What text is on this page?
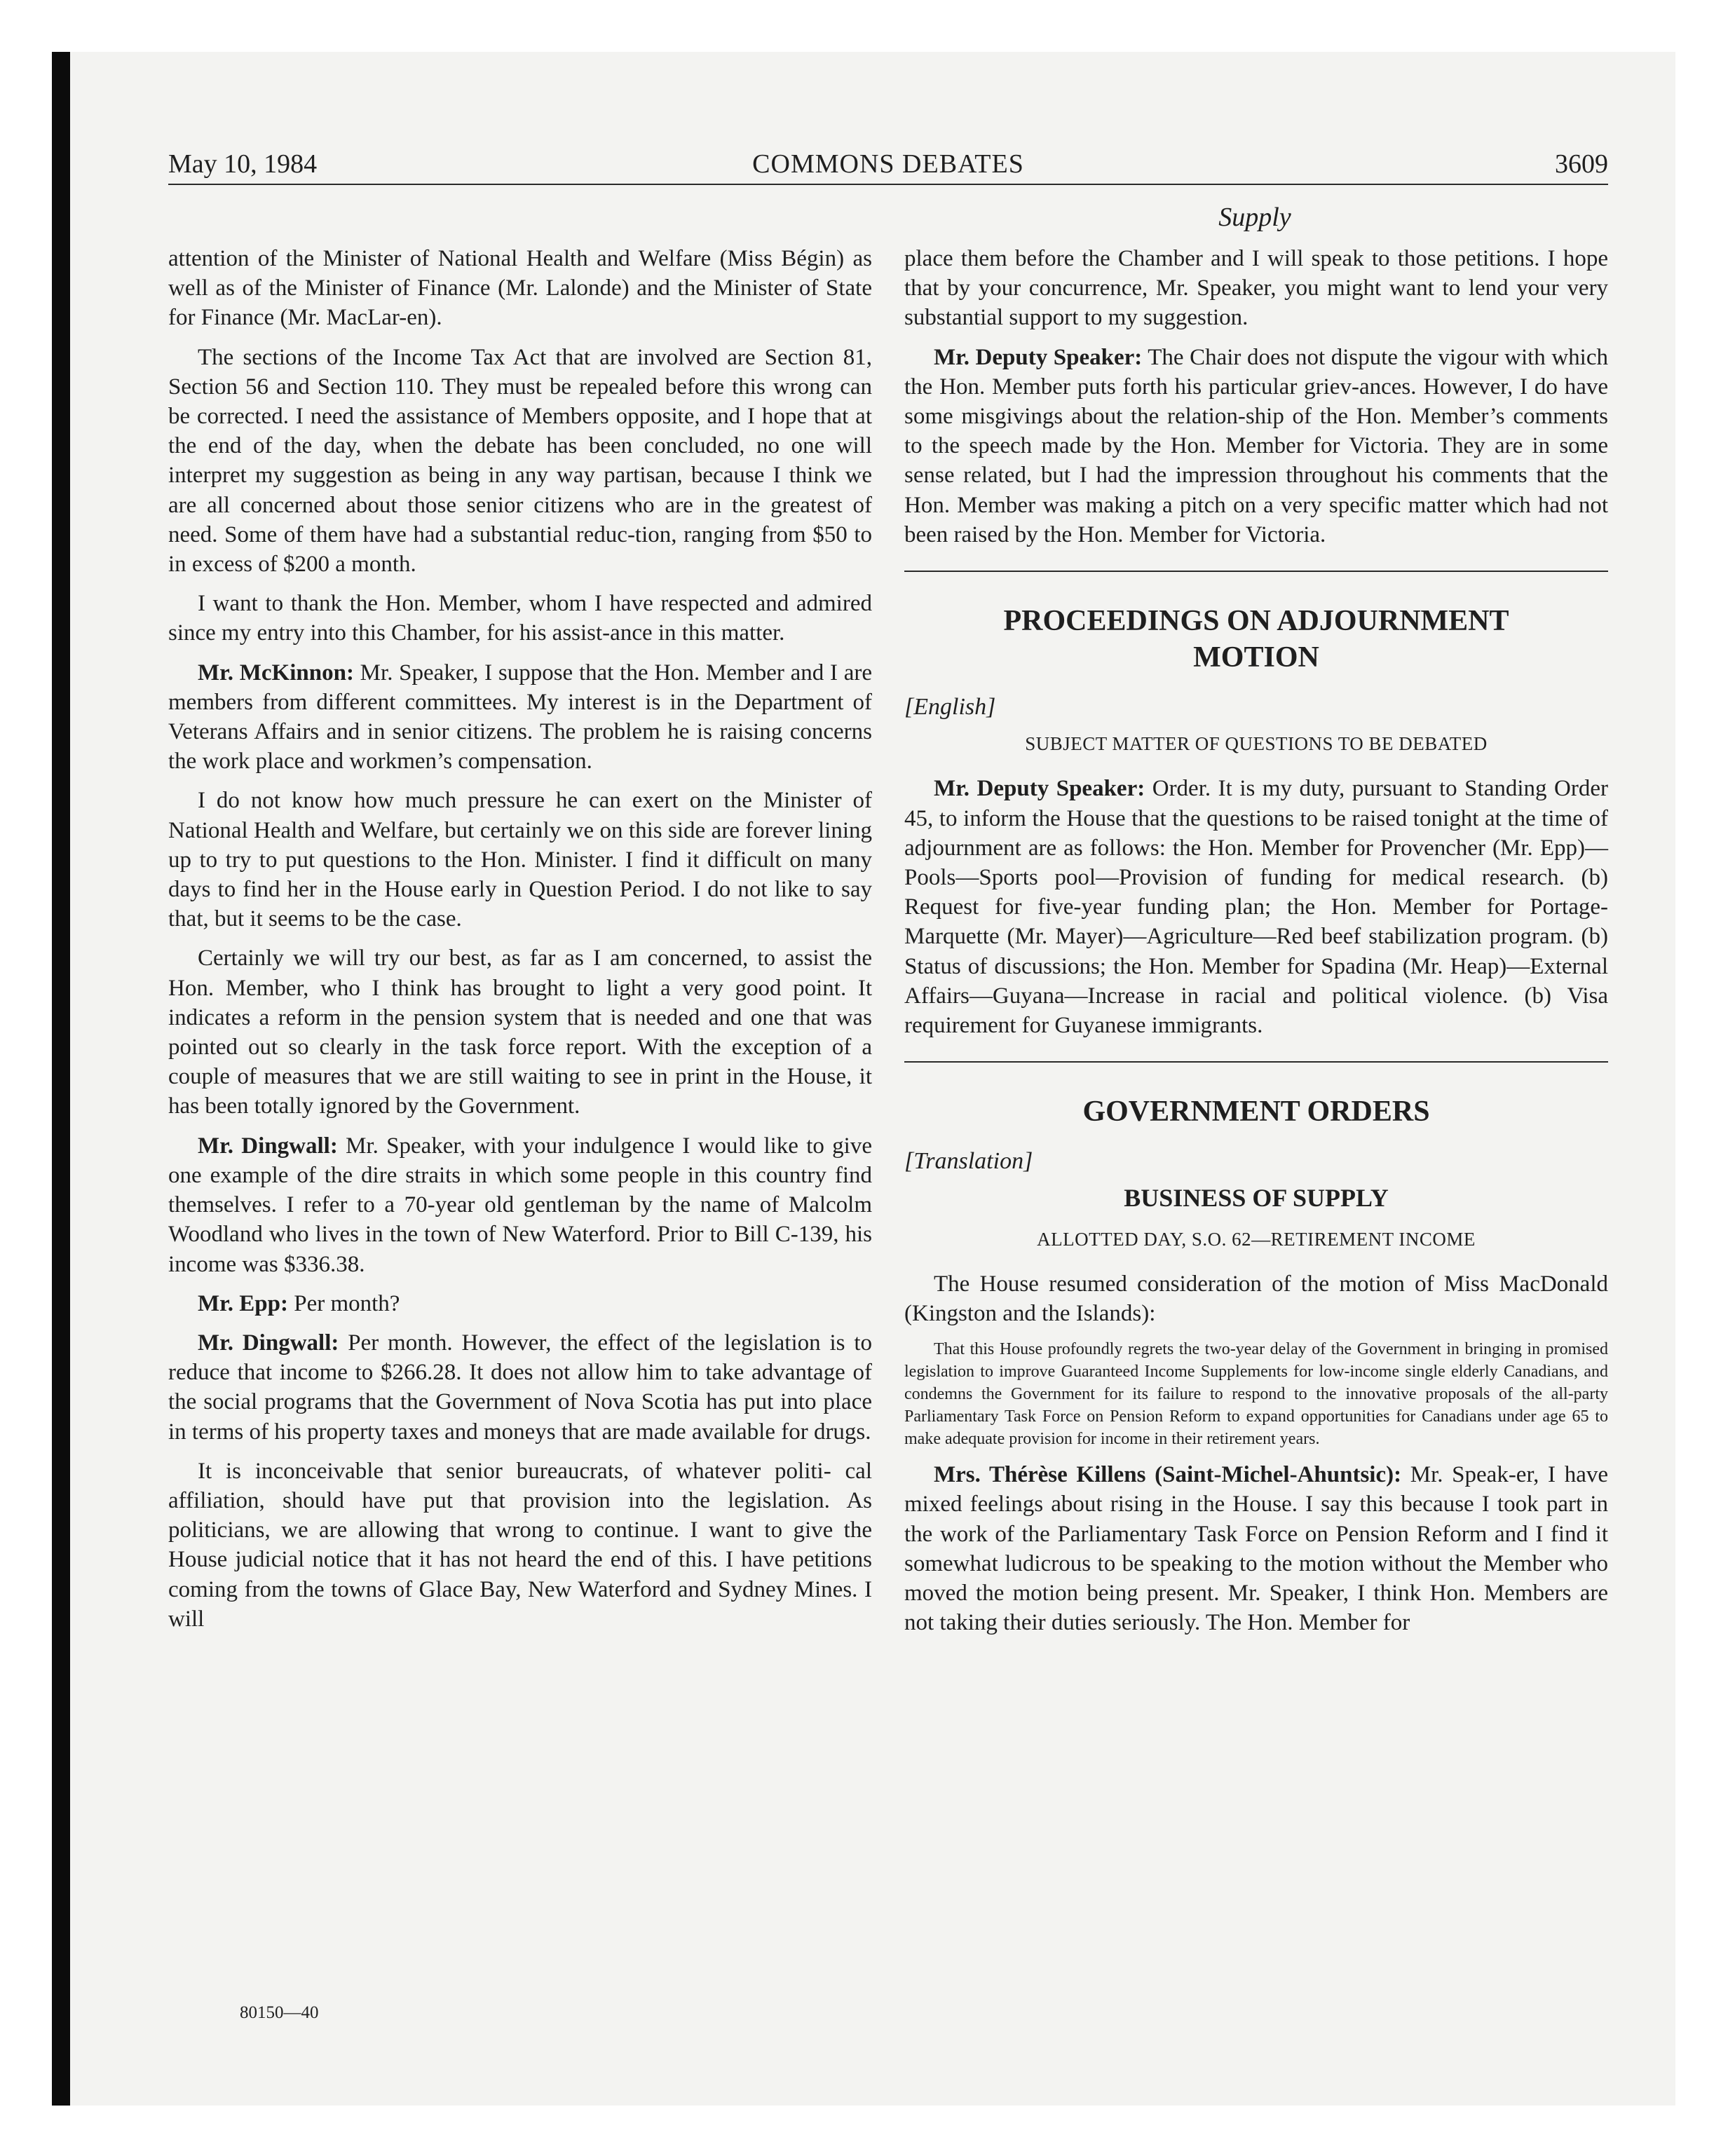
May 10, 1984	COMMONS DEBATES	3609
Supply

attention of the Minister of National Health and Welfare (Miss Bégin) as well as of the Minister of Finance (Mr. Lalonde) and the Minister of State for Finance (Mr. MacLar-en).

The sections of the Income Tax Act that are involved are Section 81, Section 56 and Section 110. They must be repealed before this wrong can be corrected. I need the assistance of Members opposite, and I hope that at the end of the day, when the debate has been concluded, no one will interpret my suggestion as being in any way partisan, because I think we are all concerned about those senior citizens who are in the greatest of need. Some of them have had a substantial reduc-tion, ranging from $50 to in excess of $200 a month.

I want to thank the Hon. Member, whom I have respected and admired since my entry into this Chamber, for his assist-ance in this matter.

Mr. McKinnon: Mr. Speaker, I suppose that the Hon. Member and I are members from different committees. My interest is in the Department of Veterans Affairs and in senior citizens. The problem he is raising concerns the work place and workmen’s compensation.

I do not know how much pressure he can exert on the Minister of National Health and Welfare, but certainly we on this side are forever lining up to try to put questions to the Hon. Minister. I find it difficult on many days to find her in the House early in Question Period. I do not like to say that, but it seems to be the case.

Certainly we will try our best, as far as I am concerned, to assist the Hon. Member, who I think has brought to light a very good point. It indicates a reform in the pension system that is needed and one that was pointed out so clearly in the task force report. With the exception of a couple of measures that we are still waiting to see in print in the House, it has been totally ignored by the Government.

Mr. Dingwall: Mr. Speaker, with your indulgence I would like to give one example of the dire straits in which some people in this country find themselves. I refer to a 70-year old gentleman by the name of Malcolm Woodland who lives in the town of New Waterford. Prior to Bill C-139, his income was $336.38.

Mr. Epp: Per month?

Mr. Dingwall: Per month. However, the effect of the legislation is to reduce that income to $266.28. It does not allow him to take advantage of the social programs that the Government of Nova Scotia has put into place in terms of his property taxes and moneys that are made available for drugs.

It is inconceivable that senior bureaucrats, of whatever politi- cal affiliation, should have put that provision into the legislation. As politicians, we are allowing that wrong to continue. I want to give the House judicial notice that it has not heard the end of this. I have petitions coming from the towns of Glace Bay, New Waterford and Sydney Mines. I will

place them before the Chamber and I will speak to those petitions. I hope that by your concurrence, Mr. Speaker, you might want to lend your very substantial support to my suggestion.

Mr. Deputy Speaker: The Chair does not dispute the vigour with which the Hon. Member puts forth his particular griev-ances. However, I do have some misgivings about the relation-ship of the Hon. Member’s comments to the speech made by the Hon. Member for Victoria. They are in some sense related, but I had the impression throughout his comments that the Hon. Member was making a pitch on a very specific matter which had not been raised by the Hon. Member for Victoria.

PROCEEDINGS ON ADJOURNMENT
MOTION
[English]
SUBJECT MATTER OF QUESTIONS TO BE DEBATED

Mr. Deputy Speaker: Order. It is my duty, pursuant to Standing Order 45, to inform the House that the questions to be raised tonight at the time of adjournment are as follows: the Hon. Member for Provencher (Mr. Epp)—Pools—Sports pool—Provision of funding for medical research. (b) Request for five-year funding plan; the Hon. Member for Portage-Marquette (Mr. Mayer)—Agriculture—Red beef stabilization program. (b) Status of discussions; the Hon. Member for Spadina (Mr. Heap)—External Affairs—Guyana—Increase in racial and political violence. (b) Visa requirement for Guyanese immigrants.

GOVERNMENT ORDERS
[Translation]
BUSINESS OF SUPPLY
ALLOTTED DAY, S.O. 62—RETIREMENT INCOME

The House resumed consideration of the motion of Miss MacDonald (Kingston and the Islands):

That this House profoundly regrets the two-year delay of the Government in bringing in promised legislation to improve Guaranteed Income Supplements for low-income single elderly Canadians, and condemns the Government for its failure to respond to the innovative proposals of the all-party Parliamentary Task Force on Pension Reform to expand opportunities for Canadians under age 65 to make adequate provision for income in their retirement years.

Mrs. Thérèse Killens (Saint-Michel-Ahuntsic): Mr. Speak-er, I have mixed feelings about rising in the House. I say this because I took part in the work of the Parliamentary Task Force on Pension Reform and I find it somewhat ludicrous to be speaking to the motion without the Member who moved the motion being present. Mr. Speaker, I think Hon. Members are not taking their duties seriously. The Hon. Member for

80150—40
